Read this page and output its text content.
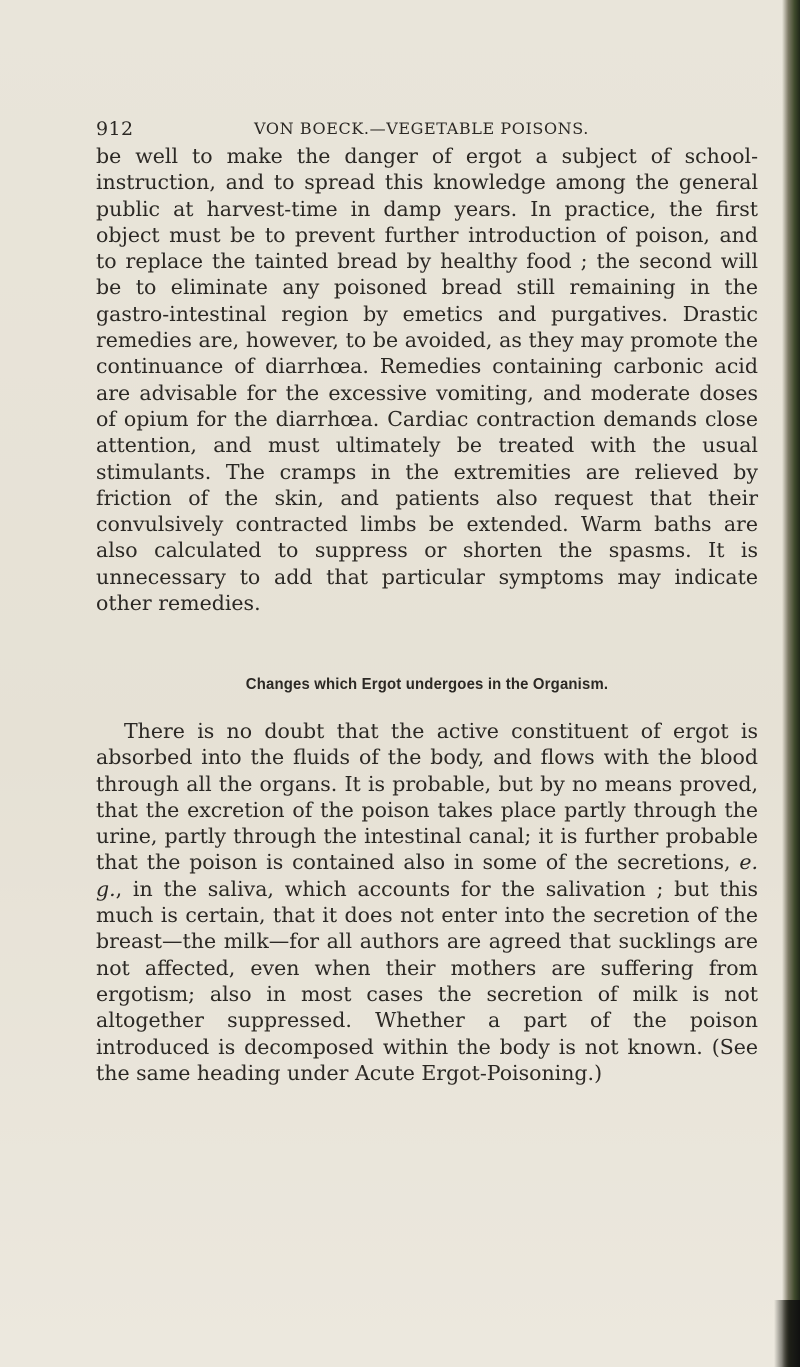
912	VON BOECK.—VEGETABLE POISONS.

be well to make the danger of ergot a subject of school-instruction, and to spread this knowledge among the general public at harvest-time in damp years. In practice, the first object must be to prevent further introduction of poison, and to replace the tainted bread by healthy food ; the second will be to eliminate any poisoned bread still remaining in the gastro-intestinal region by emetics and purgatives. Drastic remedies are, however, to be avoided, as they may promote the continuance of diarrhœa. Remedies containing carbonic acid are advisable for the excessive vomiting, and moderate doses of opium for the diarrhœa. Cardiac contraction demands close attention, and must ultimately be treated with the usual stimulants. The cramps in the extremities are relieved by friction of the skin, and patients also request that their convulsively contracted limbs be extended. Warm baths are also calculated to suppress or shorten the spasms. It is unnecessary to add that particular symptoms may indicate other remedies.

Changes which Ergot undergoes in the Organism.

There is no doubt that the active constituent of ergot is absorbed into the fluids of the body, and flows with the blood through all the organs. It is probable, but by no means proved, that the excretion of the poison takes place partly through the urine, partly through the intestinal canal; it is further probable that the poison is contained also in some of the secretions, e. g., in the saliva, which accounts for the salivation ; but this much is certain, that it does not enter into the secretion of the breast—the milk—for all authors are agreed that sucklings are not affected, even when their mothers are suffering from ergotism; also in most cases the secretion of milk is not altogether suppressed. Whether a part of the poison introduced is decomposed within the body is not known. (See the same heading under Acute Ergot-Poisoning.)
